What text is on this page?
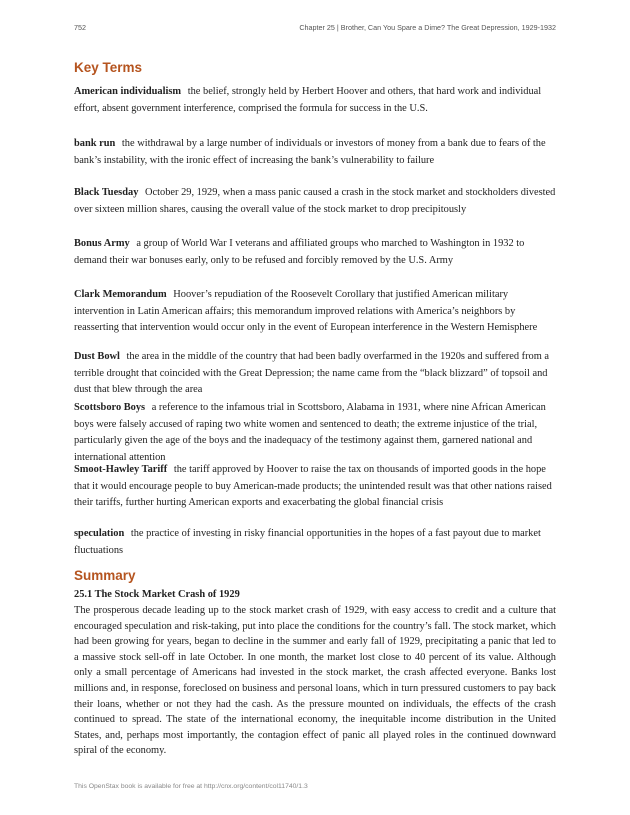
752	Chapter 25 | Brother, Can You Spare a Dime? The Great Depression, 1929-1932
Key Terms
American individualism the belief, strongly held by Herbert Hoover and others, that hard work and individual effort, absent government interference, comprised the formula for success in the U.S.
bank run the withdrawal by a large number of individuals or investors of money from a bank due to fears of the bank’s instability, with the ironic effect of increasing the bank’s vulnerability to failure
Black Tuesday October 29, 1929, when a mass panic caused a crash in the stock market and stockholders divested over sixteen million shares, causing the overall value of the stock market to drop precipitously
Bonus Army a group of World War I veterans and affiliated groups who marched to Washington in 1932 to demand their war bonuses early, only to be refused and forcibly removed by the U.S. Army
Clark Memorandum Hoover’s repudiation of the Roosevelt Corollary that justified American military intervention in Latin American affairs; this memorandum improved relations with America’s neighbors by reasserting that intervention would occur only in the event of European interference in the Western Hemisphere
Dust Bowl the area in the middle of the country that had been badly overfarmed in the 1920s and suffered from a terrible drought that coincided with the Great Depression; the name came from the “black blizzard” of topsoil and dust that blew through the area
Scottsboro Boys a reference to the infamous trial in Scottsboro, Alabama in 1931, where nine African American boys were falsely accused of raping two white women and sentenced to death; the extreme injustice of the trial, particularly given the age of the boys and the inadequacy of the testimony against them, garnered national and international attention
Smoot-Hawley Tariff the tariff approved by Hoover to raise the tax on thousands of imported goods in the hope that it would encourage people to buy American-made products; the unintended result was that other nations raised their tariffs, further hurting American exports and exacerbating the global financial crisis
speculation the practice of investing in risky financial opportunities in the hopes of a fast payout due to market fluctuations
Summary
25.1 The Stock Market Crash of 1929
The prosperous decade leading up to the stock market crash of 1929, with easy access to credit and a culture that encouraged speculation and risk-taking, put into place the conditions for the country’s fall. The stock market, which had been growing for years, began to decline in the summer and early fall of 1929, precipitating a panic that led to a massive stock sell-off in late October. In one month, the market lost close to 40 percent of its value. Although only a small percentage of Americans had invested in the stock market, the crash affected everyone. Banks lost millions and, in response, foreclosed on business and personal loans, which in turn pressured customers to pay back their loans, whether or not they had the cash. As the pressure mounted on individuals, the effects of the crash continued to spread. The state of the international economy, the inequitable income distribution in the United States, and, perhaps most importantly, the contagion effect of panic all played roles in the continued downward spiral of the economy.
This OpenStax book is available for free at http://cnx.org/content/col11740/1.3
